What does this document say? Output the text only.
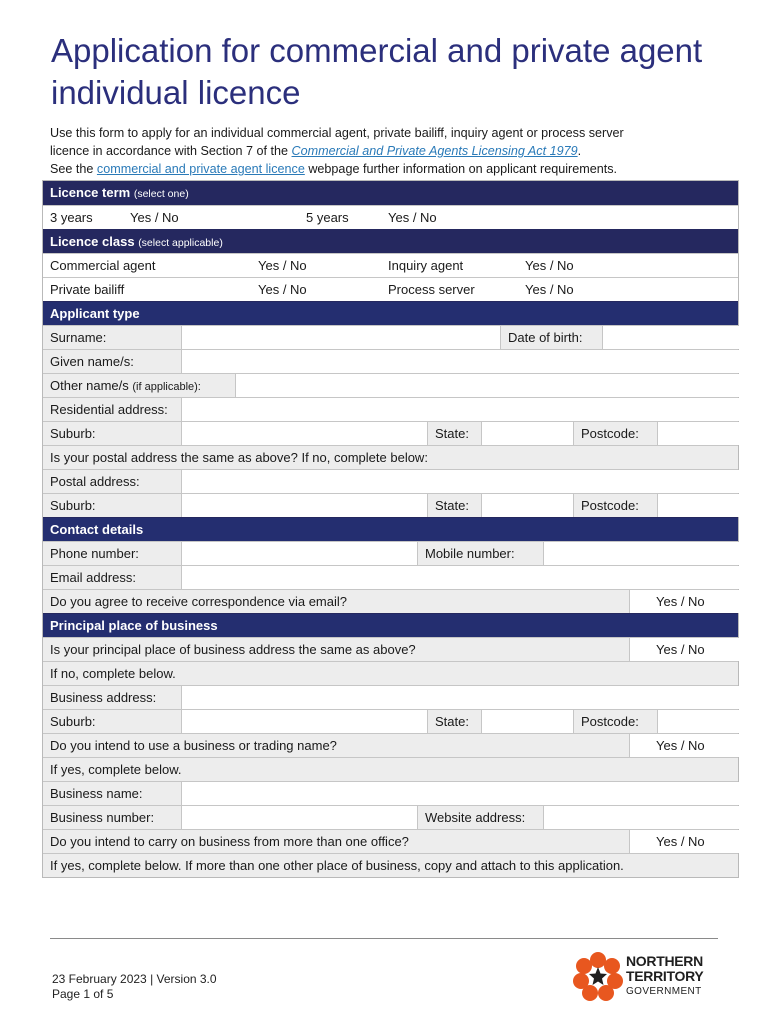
Application for commercial and private agent individual licence
Use this form to apply for an individual commercial agent, private bailiff, inquiry agent or process server
licence in accordance with Section 7 of the Commercial and Private Agents Licensing Act 1979.
See the commercial and private agent licence webpage further information on applicant requirements.
Licence term (select one)
3 years	Yes / No	5 years	Yes / No
Licence class (select applicable)
Commercial agent	Yes / No	Inquiry agent	Yes / No
Private bailiff	Yes / No	Process server	Yes / No
Applicant type
Surname:	Date of birth:
Given name/s:
Other name/s (if applicable):
Residential address:
Suburb:	State:	Postcode:
Is your postal address the same as above? If no, complete below:
Postal address:
Suburb:	State:	Postcode:
Contact details
Phone number:	Mobile number:
Email address:
Do you agree to receive correspondence via email?	Yes / No
Principal place of business
Is your principal place of business address the same as above?	Yes / No
If no, complete below.
Business address:
Suburb:	State:	Postcode:
Do you intend to use a business or trading name?	Yes / No
If yes, complete below.
Business name:
Business number:	Website address:
Do you intend to carry on business from more than one office?	Yes / No
If yes, complete below. If more than one other place of business, copy and attach to this application.
23 February 2023 | Version 3.0
Page 1 of 5
NORTHERN
TERRITORY
GOVERNMENT
